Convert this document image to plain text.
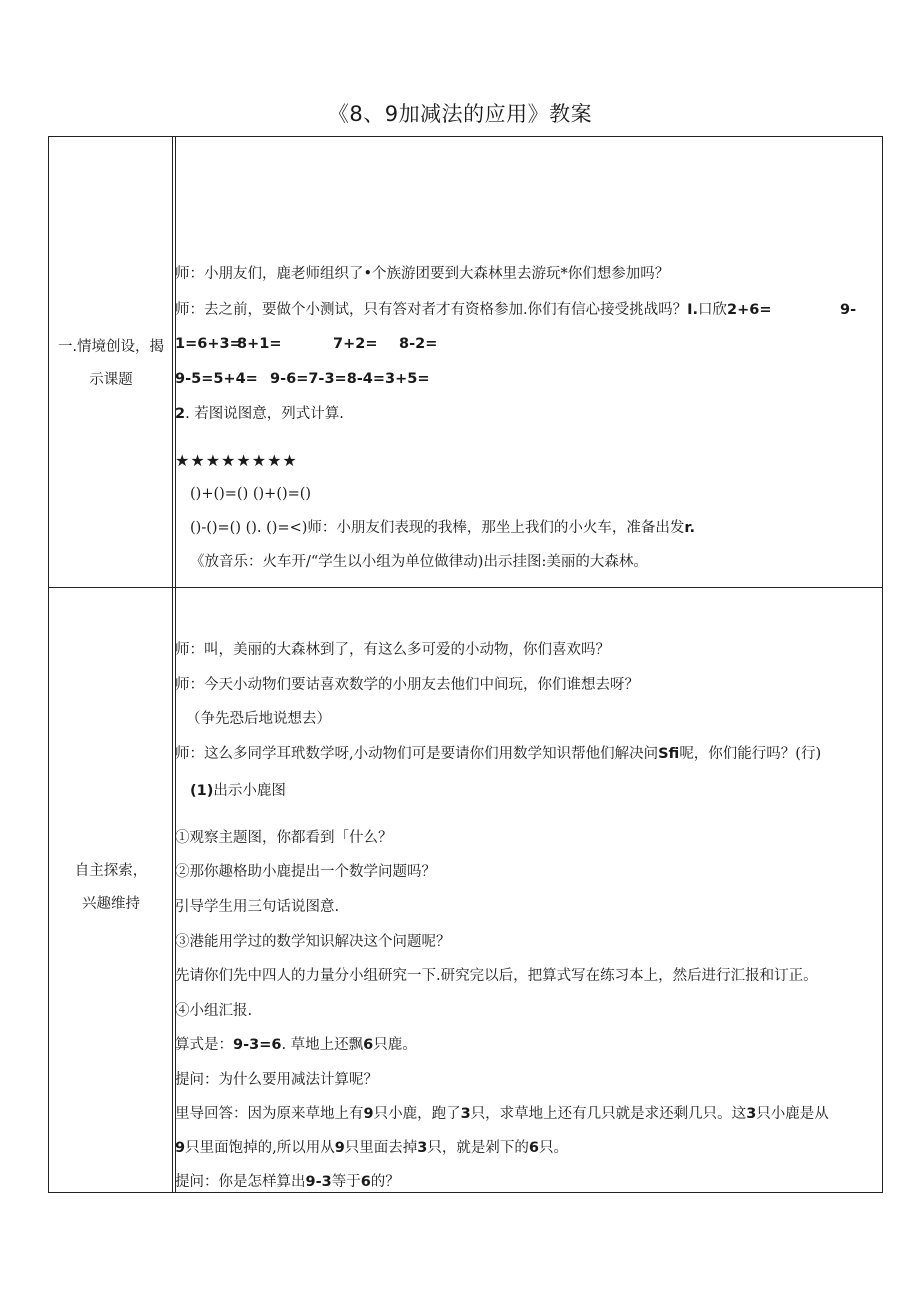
《8、9加减法的应用》教案
一.情境创设，揭
示课题
师：小朋友们，鹿老师组织了•个族游团要到大森林里去游玩*你们想参加吗？
师：去之前，要做个小测试，只有答对者才有资格参加.你们有信心接受挑战吗？I.口欣2+6=	9-
1=6+3=
8+1=	7+2= 8-2=
9-5=5+4= 9-6=7-3=8-4=3+5=
2. 若图说图意，列式计算.
★★★★★★★★
()+()=() ()+()=()
()-()=() (). ()=<)师：小朋友们表现的我棒，那坐上我们的小火车，准备出发r.
《放音乐：火车开/“学生以小组为单位做律动)出示挂图:美丽的大森林。
自主探索，
兴趣维持
师：叫，美丽的大森林到了，有这么多可爱的小动物，你们喜欢吗？
师：今天小动物们要诂喜欢数学的小朋友去他们中间玩，你们谁想去呀？
（争先恐后地说想去）
师：这么多同学耳玳数学呀,小动物们可是要请你们用数学知识帮他们解决问Sfi呢，你们能行吗？(行)
(1)出示小鹿图
①观察主题图，你都看到「什么？
②那你趣格助小鹿提出一个数学问题吗？
引导学生用三句话说图意.
③港能用学过的数学知识解决这个问题呢？
先请你们先中四人的力量分小组研究一下.研究完以后，把算式写在练习本上，然后进行汇报和订正。
④小组汇报.
算式是：9-3=6. 草地上还飘6只鹿。
提问：为什么要用减法计算呢？
里导回答：因为原来草地上有9只小鹿，跑了3只，求草地上还有几只就是求还剩几只。这3只小鹿是从
9只里面饱掉的,所以用从9只里面去掉3只，就是剁下的6只。
提问：你是怎样算出9-3等于6的？
